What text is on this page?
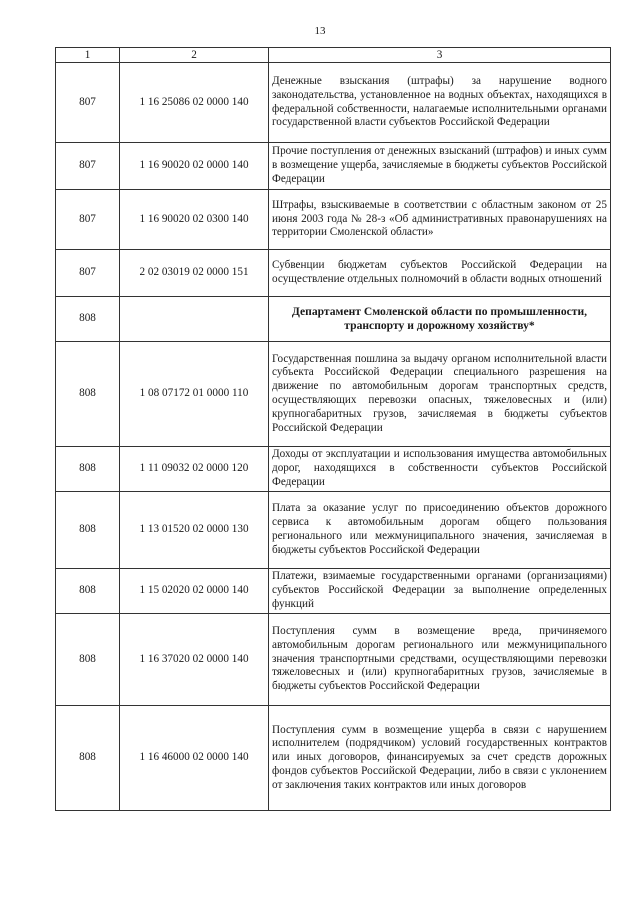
13
1	2	3
807	1 16 25086 02 0000 140	Денежные взыскания (штрафы) за нарушение водного законодательства, установленное на водных объектах, находящихся в федеральной собственности, налагаемые исполнительными органами государственной власти субъектов Российской Федерации
807	1 16 90020 02 0000 140	Прочие поступления от денежных взысканий (штрафов) и иных сумм в возмещение ущерба, зачисляемые в бюджеты субъектов Российской Федерации
807	1 16 90020 02 0300 140	Штрафы, взыскиваемые в соответствии с областным законом от 25 июня 2003 года № 28-з «Об административных правонарушениях на территории Смоленской области»
807	2 02 03019 02 0000 151	Субвенции бюджетам субъектов Российской Федерации на осуществление отдельных полномочий в области водных отношений
808		Департамент Смоленской области по промышленности, транспорту и дорожному хозяйству*
808	1 08 07172 01 0000 110	Государственная пошлина за выдачу органом исполнительной власти субъекта Российской Федерации специального разрешения на движение по автомобильным дорогам транспортных средств, осуществляющих перевозки опасных, тяжеловесных и (или) крупногабаритных грузов, зачисляемая в бюджеты субъектов Российской Федерации
808	1 11 09032 02 0000 120	Доходы от эксплуатации и использования имущества автомобильных дорог, находящихся в собственности субъектов Российской Федерации
808	1 13 01520 02 0000 130	Плата за оказание услуг по присоединению объектов дорожного сервиса к автомобильным дорогам общего пользования регионального или межмуниципального значения, зачисляемая в бюджеты субъектов Российской Федерации
808	1 15 02020 02 0000 140	Платежи, взимаемые государственными органами (организациями) субъектов Российской Федерации за выполнение определенных функций
808	1 16 37020 02 0000 140	Поступления сумм в возмещение вреда, причиняемого автомобильным дорогам регионального или межмуниципального значения транспортными средствами, осуществляющими перевозки тяжеловесных и (или) крупногабаритных грузов, зачисляемые в бюджеты субъектов Российской Федерации
808	1 16 46000 02 0000 140	Поступления сумм в возмещение ущерба в связи с нарушением исполнителем (подрядчиком) условий государственных контрактов или иных договоров, финансируемых за счет средств дорожных фондов субъектов Российской Федерации, либо в связи с уклонением от заключения таких контрактов или иных договоров
